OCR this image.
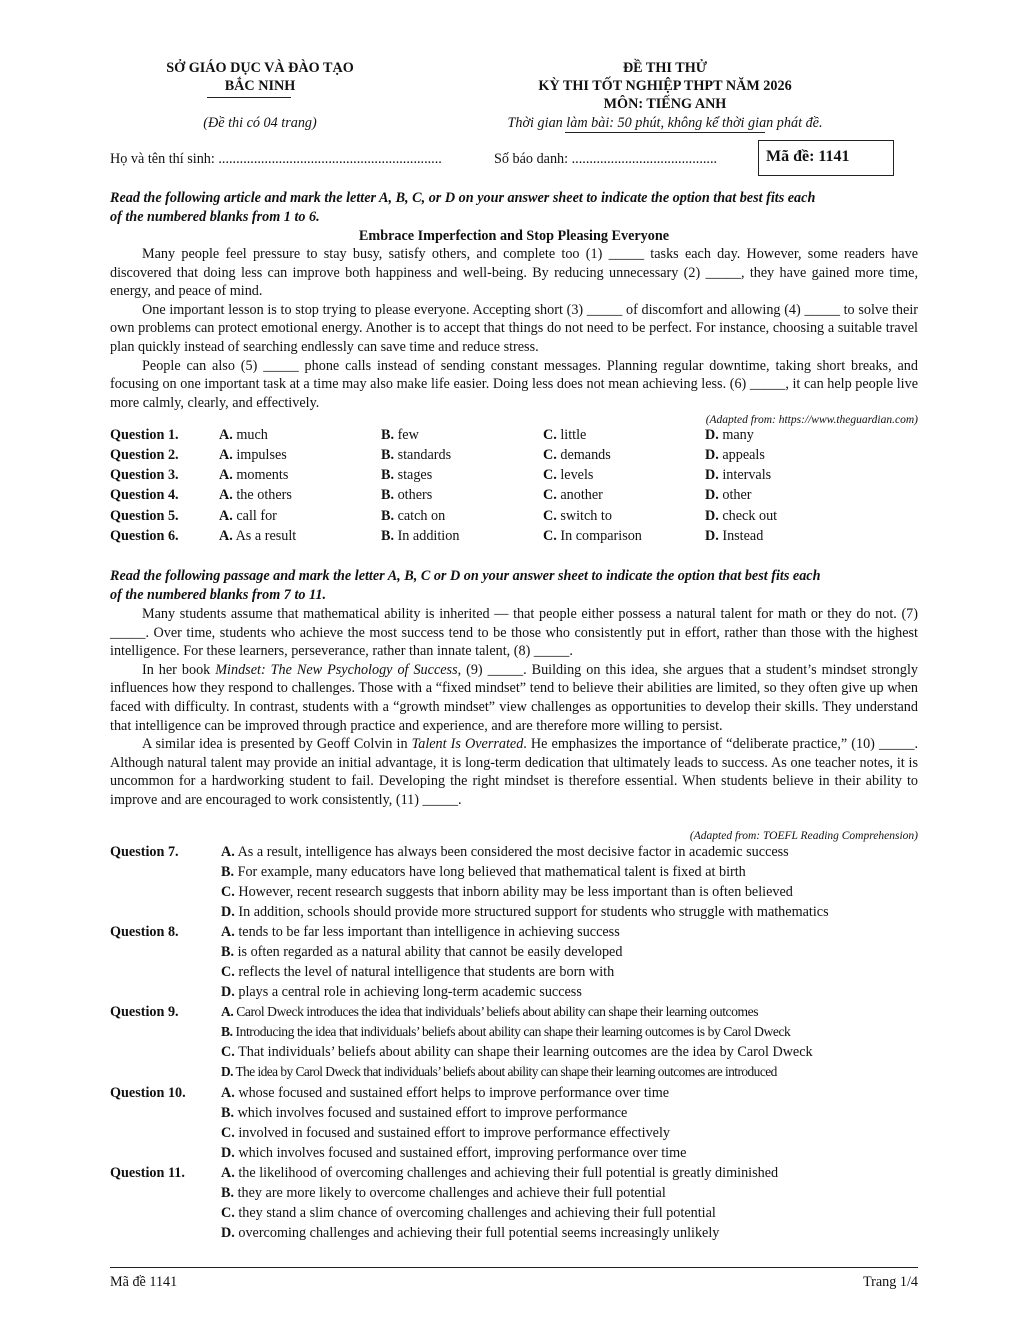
SỞ GIÁO DỤC VÀ ĐÀO TẠO
BẮC NINH
(Đề thi có 04 trang)
ĐỀ THI THỬ
KỲ THI TỐT NGHIỆP THPT NĂM 2026
MÔN: TIẾNG ANH
Thời gian làm bài: 50 phút, không kể thời gian phát đề.
Họ và tên thí sinh: ...............................................................	Số báo danh: .........................................	Mã đề: 1141
Read the following article and mark the letter A, B, C, or D on your answer sheet to indicate the option that best fits each
of the numbered blanks from 1 to 6.
Embrace Imperfection and Stop Pleasing Everyone

Many people feel pressure to stay busy, satisfy others, and complete too (1) _____ tasks each day. However, some readers have discovered that doing less can improve both happiness and well-being. By reducing unnecessary (2) _____, they have gained more time, energy, and peace of mind.

One important lesson is to stop trying to please everyone. Accepting short (3) _____ of discomfort and allowing (4) _____ to solve their own problems can protect emotional energy. Another is to accept that things do not need to be perfect. For instance, choosing a suitable travel plan quickly instead of searching endlessly can save time and reduce stress.

People can also (5) _____ phone calls instead of sending constant messages. Planning regular downtime, taking short breaks, and focusing on one important task at a time may also make life easier. Doing less does not mean achieving less. (6) _____, it can help people live more calmly, clearly, and effectively.

(Adapted from: https://www.theguardian.com)
Question 1.	A. much	B. few	C. little	D. many
Question 2.	A. impulses	B. standards	C. demands	D. appeals
Question 3.	A. moments	B. stages	C. levels	D. intervals
Question 4.	A. the others	B. others	C. another	D. other
Question 5.	A. call for	B. catch on	C. switch to	D. check out
Question 6.	A. As a result	B. In addition	C. In comparison	D. Instead
Read the following passage and mark the letter A, B, C or D on your answer sheet to indicate the option that best fits each
of the numbered blanks from 7 to 11.

Many students assume that mathematical ability is inherited — that people either possess a natural talent for math or they do not. (7) _____. Over time, students who achieve the most success tend to be those who consistently put in effort, rather than those with the highest intelligence. For these learners, perseverance, rather than innate talent, (8) _____.

In her book Mindset: The New Psychology of Success, (9) _____. Building on this idea, she argues that a student’s mindset strongly influences how they respond to challenges. Those with a “fixed mindset” tend to believe their abilities are limited, so they often give up when faced with difficulty. In contrast, students with a “growth mindset” view challenges as opportunities to develop their skills. They understand that intelligence can be improved through practice and experience, and are therefore more willing to persist.

A similar idea is presented by Geoff Colvin in Talent Is Overrated. He emphasizes the importance of “deliberate practice,” (10) _____. Although natural talent may provide an initial advantage, it is long-term dedication that ultimately leads to success. As one teacher notes, it is uncommon for a hardworking student to fail. Developing the right mindset is therefore essential. When students believe in their ability to improve and are encouraged to work consistently, (11) _____.

(Adapted from: TOEFL Reading Comprehension)
Question 7.	A. As a result, intelligence has always been considered the most decisive factor in academic success
B. For example, many educators have long believed that mathematical talent is fixed at birth
C. However, recent research suggests that inborn ability may be less important than is often believed
D. In addition, schools should provide more structured support for students who struggle with mathematics
Question 8.	A. tends to be far less important than intelligence in achieving success
B. is often regarded as a natural ability that cannot be easily developed
C. reflects the level of natural intelligence that students are born with
D. plays a central role in achieving long-term academic success
Question 9.	A. Carol Dweck introduces the idea that individuals’ beliefs about ability can shape their learning outcomes
B. Introducing the idea that individuals’ beliefs about ability can shape their learning outcomes is by Carol Dweck
C. That individuals’ beliefs about ability can shape their learning outcomes are the idea by Carol Dweck
D. The idea by Carol Dweck that individuals’ beliefs about ability can shape their learning outcomes are introduced
Question 10. A. whose focused and sustained effort helps to improve performance over time
B. which involves focused and sustained effort to improve performance
C. involved in focused and sustained effort to improve performance effectively
D. which involves focused and sustained effort, improving performance over time
Question 11.	A. the likelihood of overcoming challenges and achieving their full potential is greatly diminished
B. they are more likely to overcome challenges and achieve their full potential
C. they stand a slim chance of overcoming challenges and achieving their full potential
D. overcoming challenges and achieving their full potential seems increasingly unlikely
Mã đề 1141	Trang 1/4
